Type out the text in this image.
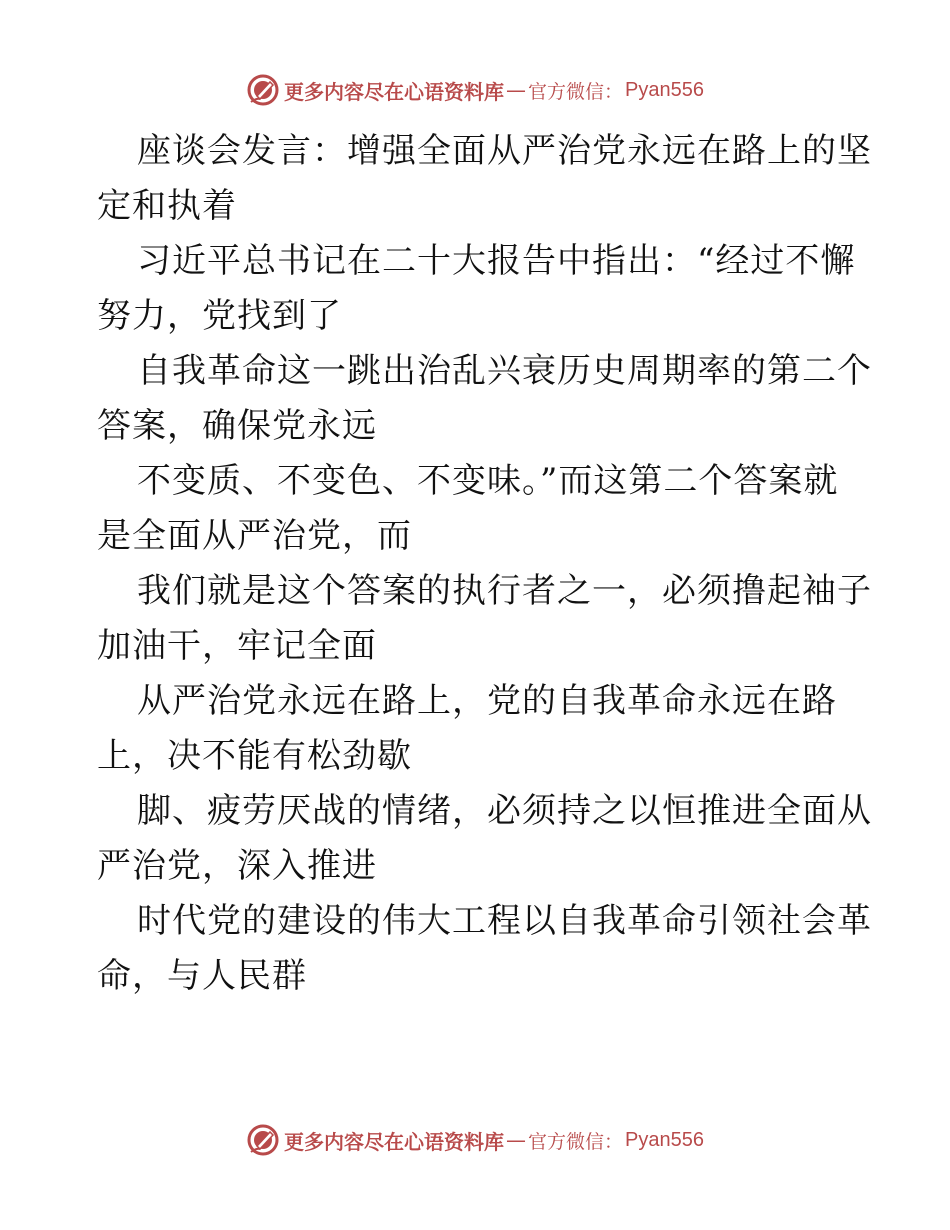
更多内容尽在心语资料库 — 官方微信： Pyan556

座谈会发言：增强全面从严治党永远在路上的坚
定和执着

习近平总书记在二十大报告中指出：“经过不懈
努力，党找到了

自我革命这一跳出治乱兴衰历史周期率的第二个
答案，确保党永远

不变质、不变色、不变味。”而这第二个答案就
是全面从严治党，而

我们就是这个答案的执行者之一，必须撸起袖子
加油干，牢记全面

从严治党永远在路上，党的自我革命永远在路
上，决不能有松劲歇

脚、疲劳厌战的情绪，必须持之以恒推进全面从
严治党，深入推进

时代党的建设的伟大工程以自我革命引领社会革
命，与人民群

更多内容尽在心语资料库 — 官方微信： Pyan556
